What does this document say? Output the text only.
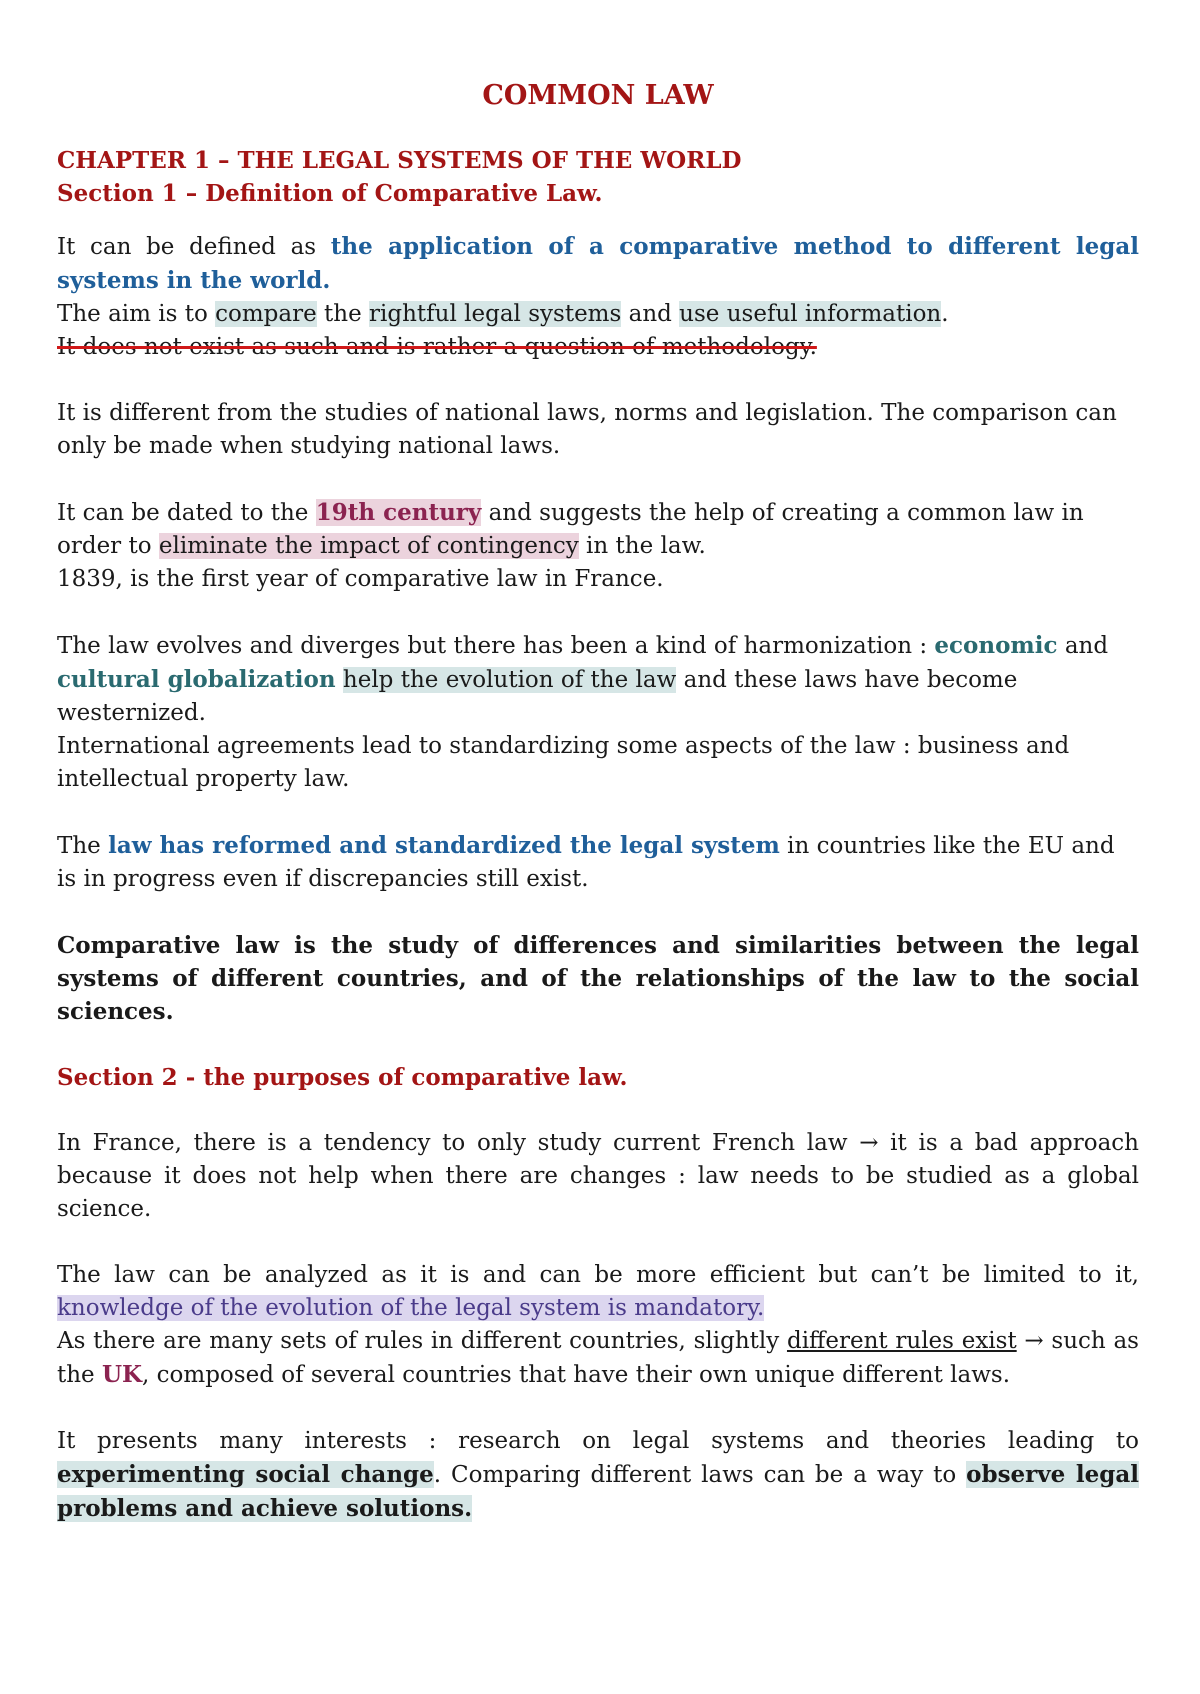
COMMON LAW
CHAPTER 1 – THE LEGAL SYSTEMS OF THE WORLD
Section 1 – Definition of Comparative Law.

It can be defined as the application of a comparative method to different legal systems in the world.

The aim is to compare the rightful legal systems and use useful information.

It does not exist as such and is rather a question of methodology.

It is different from the studies of national laws, norms and legislation. The comparison can only be made when studying national laws.

It can be dated to the 19th century and suggests the help of creating a common law in order to eliminate the impact of contingency in the law.

1839, is the first year of comparative law in France.

The law evolves and diverges but there has been a kind of harmonization : economic and cultural globalization help the evolution of the law and these laws have become westernized.

International agreements lead to standardizing some aspects of the law : business and intellectual property law.

The law has reformed and standardized the legal system in countries like the EU and is in progress even if discrepancies still exist.

Comparative law is the study of differences and similarities between the legal systems of different countries, and of the relationships of the law to the social sciences.

Section 2 - the purposes of comparative law.

In France, there is a tendency to only study current French law → it is a bad approach because it does not help when there are changes : law needs to be studied as a global science.

The law can be analyzed as it is and can be more efficient but can’t be limited to it, knowledge of the evolution of the legal system is mandatory.

As there are many sets of rules in different countries, slightly different rules exist → such as the UK, composed of several countries that have their own unique different laws.

It presents many interests : research on legal systems and theories leading to experimenting social change. Comparing different laws can be a way to observe legal problems and achieve solutions.
